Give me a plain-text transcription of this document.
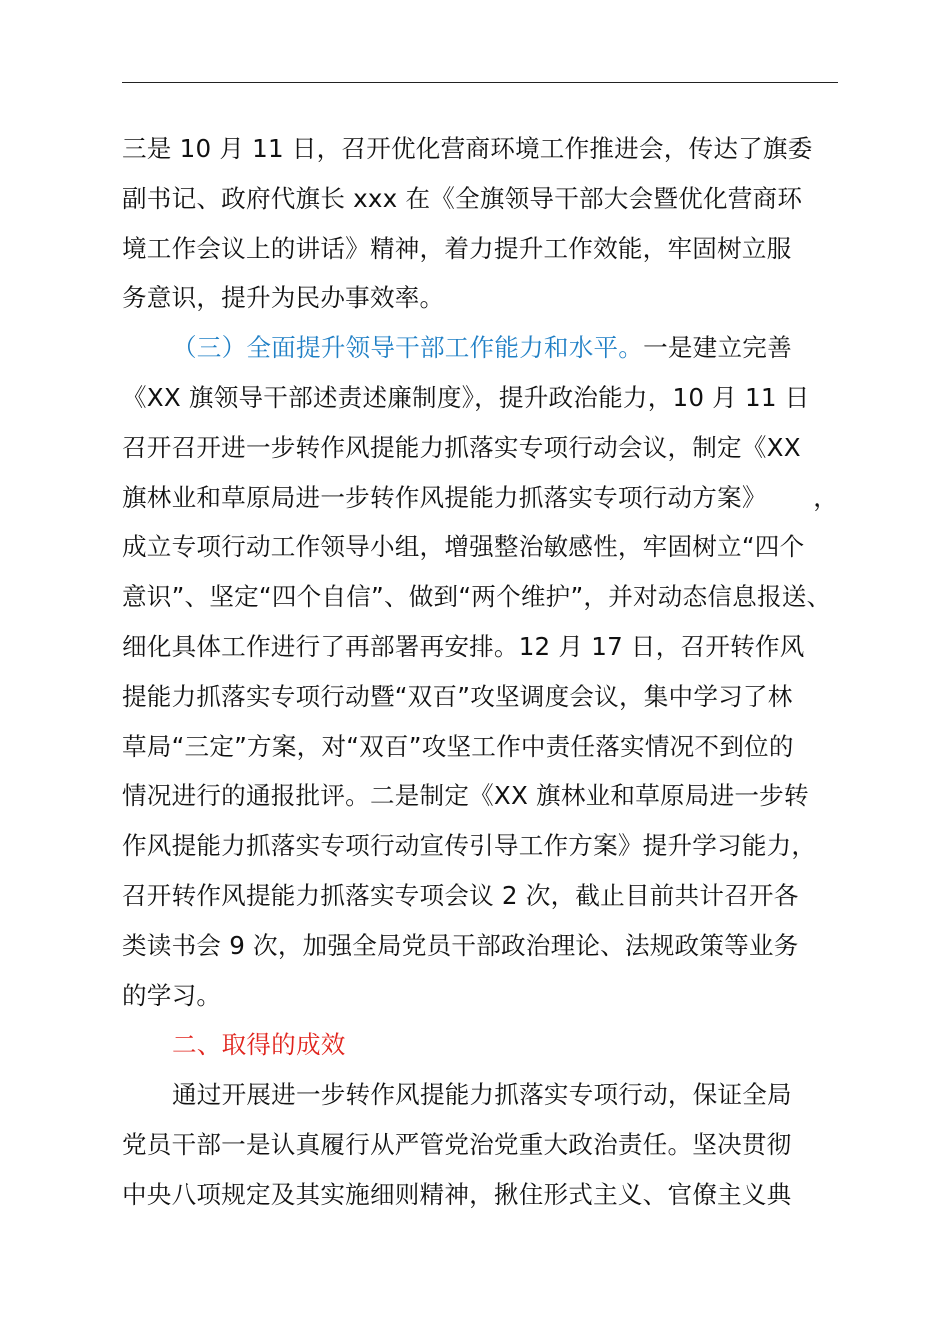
三是 10 月 11 日，召开优化营商环境工作推进会，传达了旗委
副书记、政府代旗长 xxx 在《全旗领导干部大会暨优化营商环
境工作会议上的讲话》精神，着力提升工作效能，牢固树立服
务意识，提升为民办事效率。
（三）全面提升领导干部工作能力和水平。一是建立完善
《XX 旗领导干部述责述廉制度》，提升政治能力，10 月 11 日
召开召开进一步转作风提能力抓落实专项行动会议，制定《XX
旗林业和草原局进一步转作风提能力抓落实专项行动方案》 ，
成立专项行动工作领导小组，增强整治敏感性，牢固树立“四个
意识”、坚定“四个自信”、做到“两个维护”，并对动态信息报送、
细化具体工作进行了再部署再安排。12 月 17 日，召开转作风
提能力抓落实专项行动暨“双百”攻坚调度会议，集中学习了林
草局“三定”方案，对“双百”攻坚工作中责任落实情况不到位的
情况进行的通报批评。二是制定《XX 旗林业和草原局进一步转
作风提能力抓落实专项行动宣传引导工作方案》提升学习能力，
召开转作风提能力抓落实专项会议 2 次，截止目前共计召开各
类读书会 9 次，加强全局党员干部政治理论、法规政策等业务
的学习。
二、取得的成效
通过开展进一步转作风提能力抓落实专项行动，保证全局
党员干部一是认真履行从严管党治党重大政治责任。坚决贯彻
中央八项规定及其实施细则精神，揪住形式主义、官僚主义典
